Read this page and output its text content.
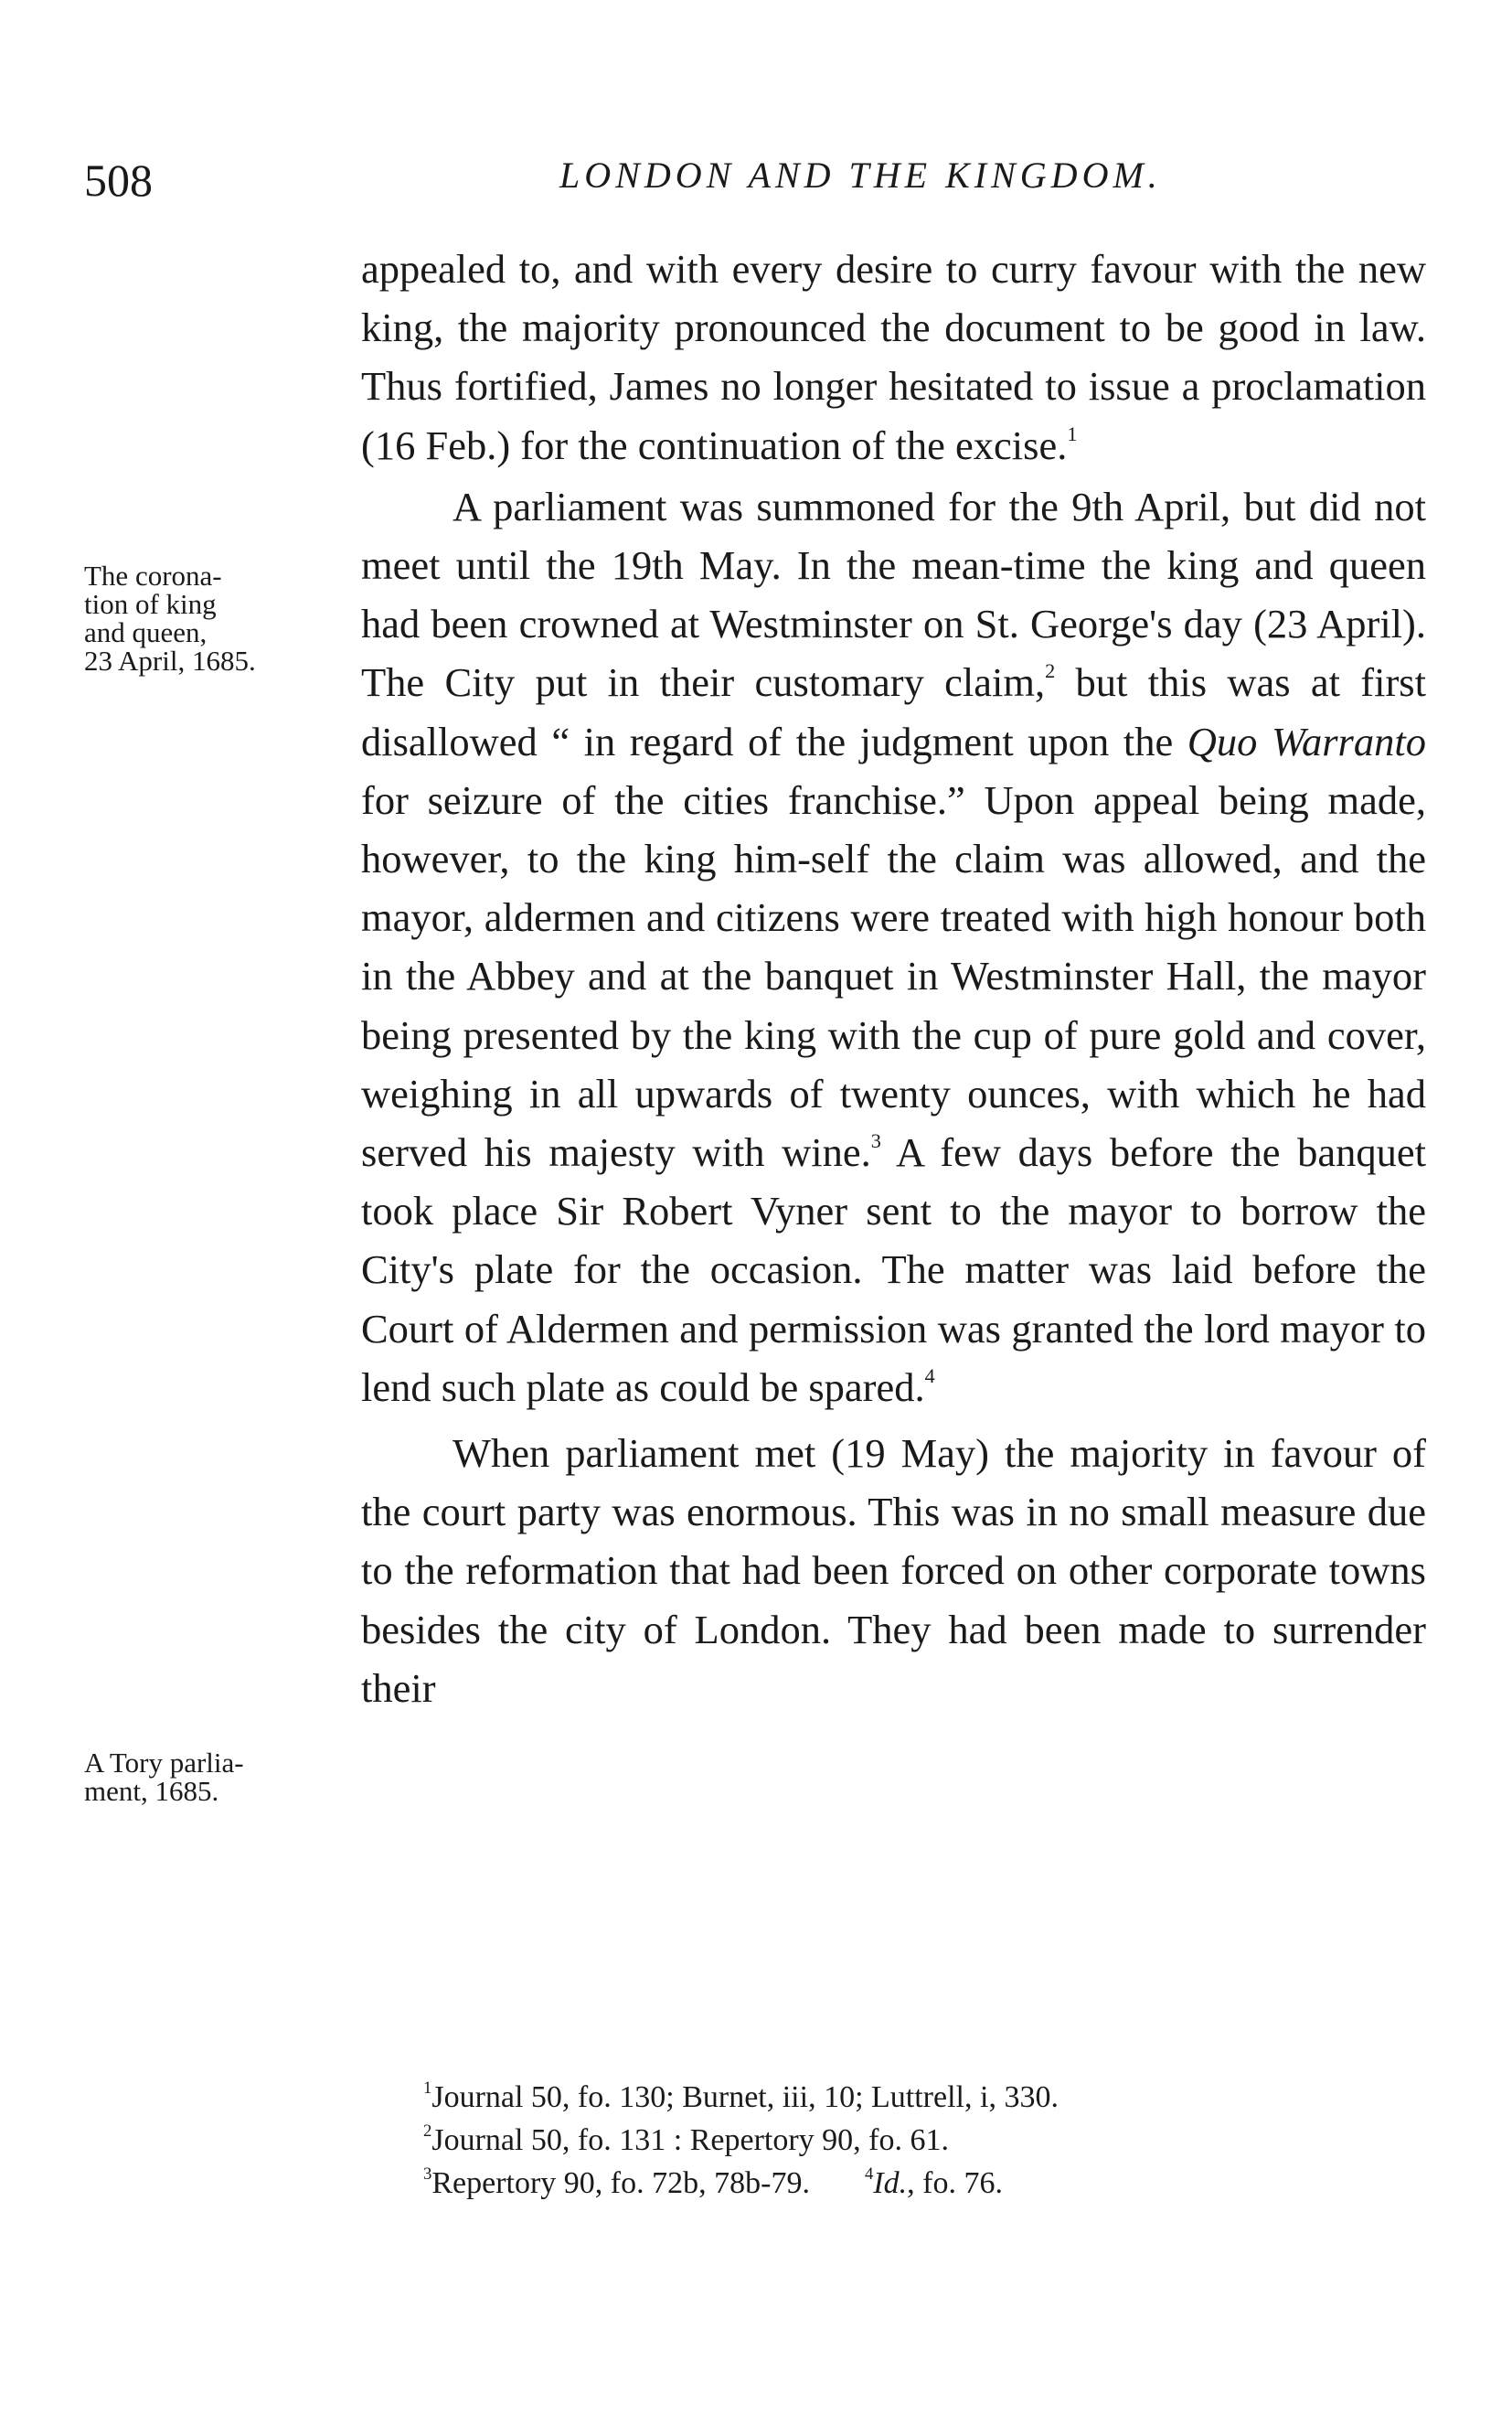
508	LONDON AND THE KINGDOM.
The corona-
tion of king
and queen,
23 April, 1685.
A Tory parlia-
ment, 1685.

appealed to, and with every desire to curry favour with the new king, the majority pronounced the document to be good in law. Thus fortified, James no longer hesitated to issue a proclamation (16 Feb.) for the continuation of the excise.$^1$

A parliament was summoned for the 9th April, but did not meet until the 19th May. In the mean-time the king and queen had been crowned at Westminster on St. George's day (23 April). The City put in their customary claim,$^2$ but this was at first disallowed “ in regard of the judgment upon the Quo Warranto for seizure of the cities franchise.” Upon appeal being made, however, to the king him-self the claim was allowed, and the mayor, aldermen and citizens were treated with high honour both in the Abbey and at the banquet in Westminster Hall, the mayor being presented by the king with the cup of pure gold and cover, weighing in all upwards of twenty ounces, with which he had served his majesty with wine.$^3$ A few days before the banquet took place Sir Robert Vyner sent to the mayor to borrow the City's plate for the occasion. The matter was laid before the Court of Aldermen and permission was granted the lord mayor to lend such plate as could be spared.$^4$

When parliament met (19 May) the majority in favour of the court party was enormous. This was in no small measure due to the reformation that had been forced on other corporate towns besides the city of London. They had been made to surrender their

$^1$Journal 50, fo. 130; Burnet, iii, 10; Luttrell, i, 330.
$^2$Journal 50, fo. 131 : Repertory 90, fo. 61.
$^3$Repertory 90, fo. 72b, 78b-79.	$^4$Id., fo. 76.
